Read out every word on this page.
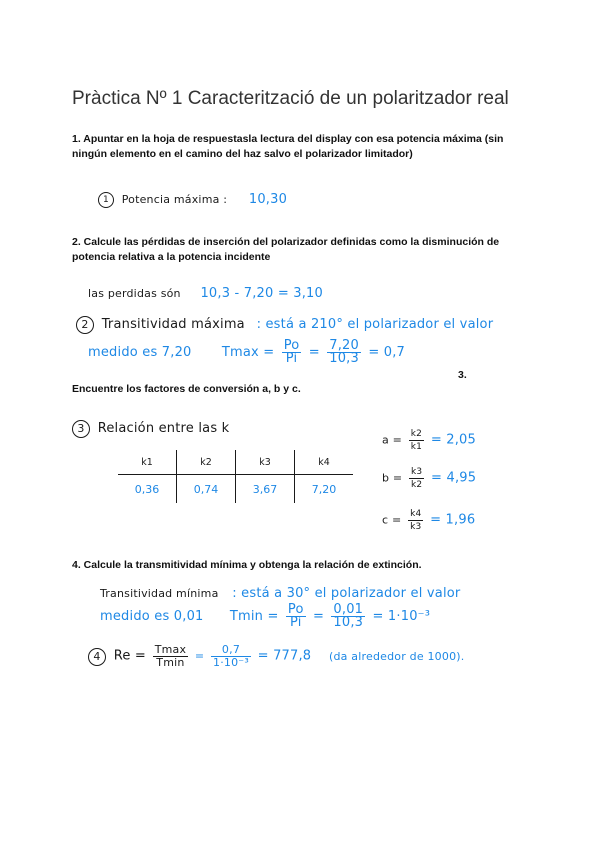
Pràctica Nº 1 Caracterització de un polaritzador real

1. Apuntar en la hoja de respuestasla lectura del display con esa potencia máxima (sin ningún elemento en el camino del haz salvo el polarizador limitador)

1 Potencia máxima : 10,30

2. Calcule las pérdidas de inserción del polarizador definidas como la disminución de potencia relativa a la potencia incidente

las perdidas són 10,3 - 7,20 = 3,10
2 Transitividad máxima : está a 210° el polarizador el valor
medido es 7,20 $Tmax = \frac{Po}{Pi} = \frac{7,20}{10,3} = 0,7$
3.

Encuentre los factores de conversión a, b y c.

3 Relación entre las k
k1	k2	k3	k4
0,36	0,74	3,67	7,20
$a = \frac{k2}{k1} = 2,05$
$b = \frac{k3}{k2} = 4,95$
$c = \frac{k4}{k3} = 1,96$

4. Calcule la transmitividad mínima y obtenga la relación de extinción.

Transitividad mínima : está a 30° el polarizador el valor
medido es 0,01 $Tmin = \frac{Po}{Pi} = \frac{0,01}{10,3} = 1\cdot 10^{-3}$
4 $Re = \frac{Tmax}{Tmin} = \frac{0,7}{\text{1·10⁻³}} = 777,8$ (da alrededor de 1000).
